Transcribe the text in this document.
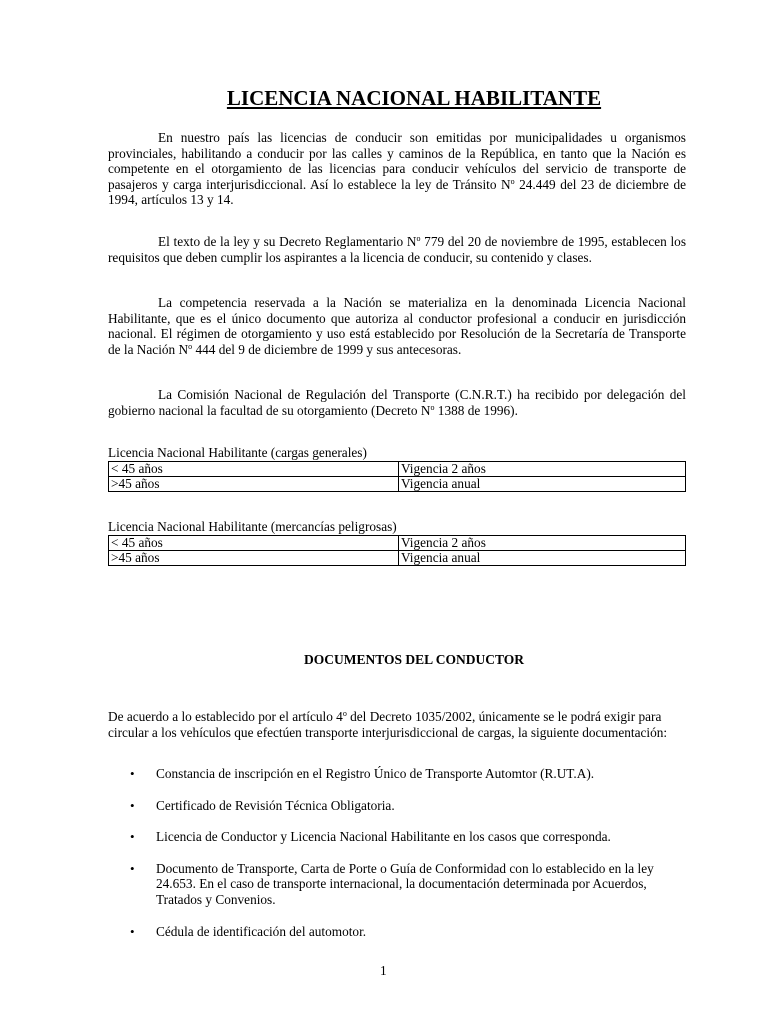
LICENCIA NACIONAL HABILITANTE

En nuestro país las licencias de conducir son emitidas por municipalidades u organismos provinciales, habilitando a conducir por las calles y caminos de la República, en tanto que la Nación es competente en el otorgamiento de las licencias para conducir vehículos del servicio de transporte de pasajeros y carga interjurisdiccional. Así lo establece la ley de Tránsito $N^o$ 24.449 del 23 de diciembre de 1994, artículos 13 y 14.

El texto de la ley y su Decreto Reglamentario $N^o$ 779 del 20 de noviembre de 1995, establecen los requisitos que deben cumplir los aspirantes a la licencia de conducir, su contenido y clases.

La competencia reservada a la Nación se materializa en la denominada Licencia Nacional Habilitante, que es el único documento que autoriza al conductor profesional a conducir en jurisdicción nacional. El régimen de otorgamiento y uso está establecido por Resolución de la Secretaría de Transporte de la Nación $N^o$ 444 del 9 de diciembre de 1999 y sus antecesoras.

La Comisión Nacional de Regulación del Transporte (C.N.R.T.) ha recibido por delegación del gobierno nacional la facultad de su otorgamiento (Decreto $N^o$ 1388 de 1996).

Licencia Nacional Habilitante (cargas generales)
< 45 años	Vigencia 2 años
>45 años	Vigencia anual
Licencia Nacional Habilitante (mercancías peligrosas)
< 45 años	Vigencia 2 años
>45 años	Vigencia anual
DOCUMENTOS DEL CONDUCTOR

De acuerdo a lo establecido por el artículo 4$^o$ del Decreto 1035/2002, únicamente se le podrá exigir para circular a los vehículos que efectúen transporte interjurisdiccional de cargas, la siguiente documentación:

• Constancia de inscripción en el Registro Único de Transporte Automtor (R.UT.A).
• Certificado de Revisión Técnica Obligatoria.
• Licencia de Conductor y Licencia Nacional Habilitante en los casos que corresponda.
• Documento de Transporte, Carta de Porte o Guía de Conformidad con lo establecido en la ley 24.653. En el caso de transporte internacional, la documentación determinada por Acuerdos, Tratados y Convenios.
• Cédula de identificación del automotor.
1
